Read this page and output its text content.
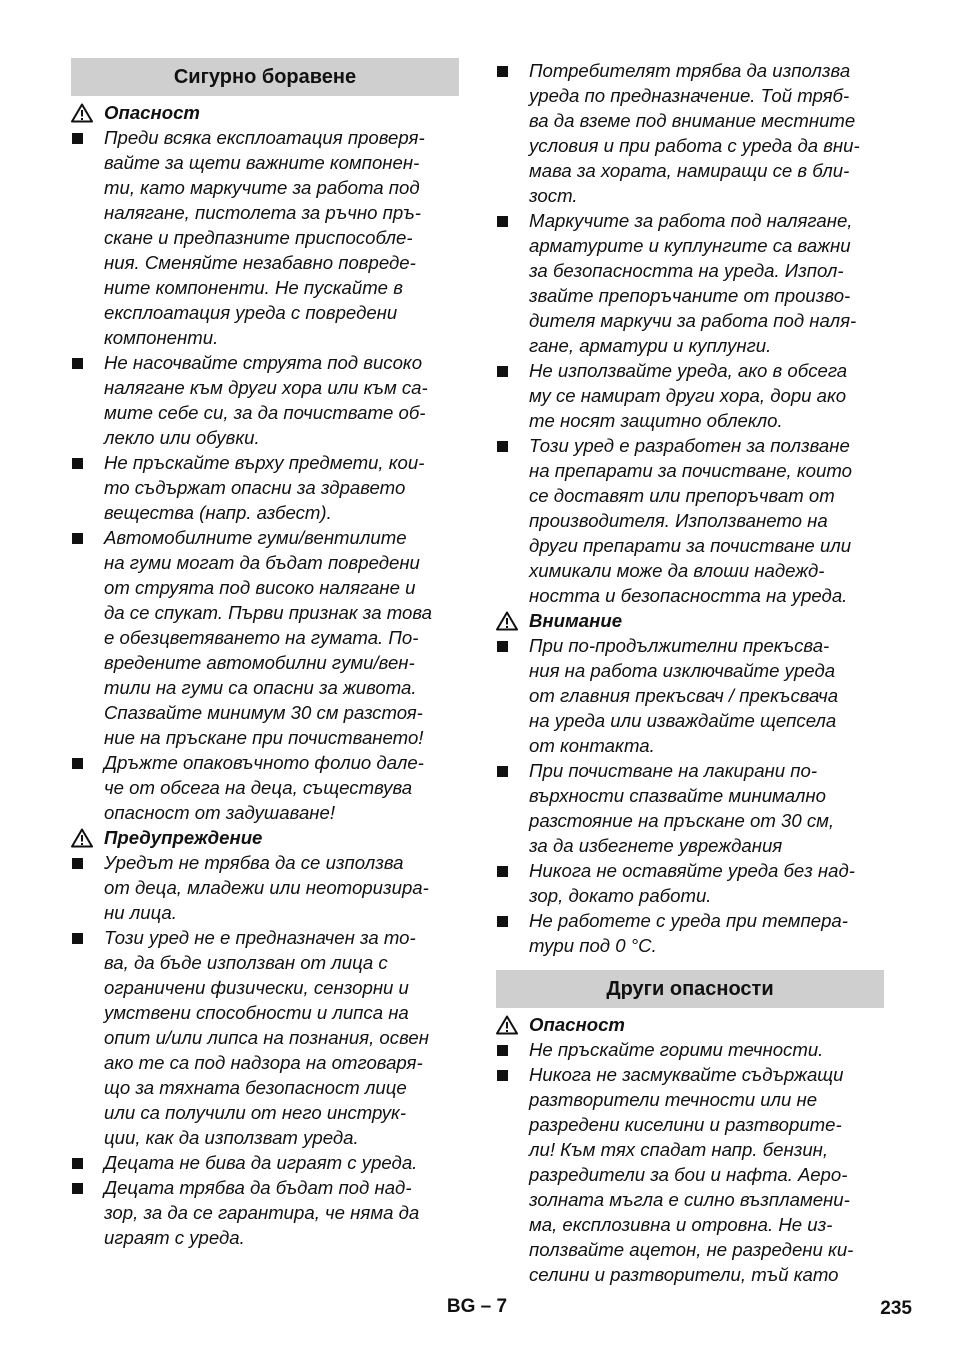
Сигурно боравене
Опасност
Преди всяка експлоатация проверя-
вайте за щети важните компонен-
ти, като маркучите за работа под
налягане, пистолета за ръчно пръ-
скане и предпазните приспособле-
ния. Сменяйте незабавно повреде-
ните компоненти. Не пускайте в
експлоатация уреда с повредени
компоненти.
Не насочвайте струята под високо
налягане към други хора или към са-
мите себе си, за да почиствате об-
лекло или обувки.
Не пръскайте върху предмети, кои-
то съдържат опасни за здравето
вещества (напр. азбест).
Автомобилните гуми/вентилите
на гуми могат да бъдат повредени
от струята под високо налягане и
да се спукат. Първи признак за това
е обезцветяването на гумата. По-
вредените автомобилни гуми/вен-
тили на гуми са опасни за живота.
Спазвайте минимум 30 см разстоя-
ние на пръскане при почистването!
Дръжте опаковъчното фолио дале-
че от обсега на деца, съществува
опасност от задушаване!
Предупреждение
Уредът не трябва да се използва
от деца, младежи или неоторизира-
ни лица.
Този уред не е предназначен за то-
ва, да бъде използван от лица с
ограничени физически, сензорни и
умствени способности и липса на
опит и/или липса на познания, освен
ако те са под надзора на отговаря-
що за тяхната безопасност лице
или са получили от него инструк-
ции, как да използват уреда.
Децата не бива да играят с уреда.
Децата трябва да бъдат под над-
зор, за да се гарантира, че няма да
играят с уреда.
Потребителят трябва да използва
уреда по предназначение. Той тряб-
ва да вземе под внимание местните
условия и при работа с уреда да вни-
мава за хората, намиращи се в бли-
зост.
Маркучите за работа под налягане,
арматурите и куплунгите са важни
за безопасността на уреда. Изпол-
звайте препоръчаните от произво-
дителя маркучи за работа под наля-
гане, арматури и куплунги.
Не използвайте уреда, ако в обсега
му се намират други хора, дори ако
те носят защитно облекло.
Този уред е разработен за ползване
на препарати за почистване, които
се доставят или препоръчват от
производителя. Използването на
други препарати за почистване или
химикали може да влоши надежд-
ността и безопасността на уреда.
Внимание
При по-продължителни прекъсва-
ния на работа изключвайте уреда
от главния прекъсвач / прекъсвача
на уреда или изваждайте щепсела
от контакта.
При почистване на лакирани по-
върхности спазвайте минимално
разстояние на пръскане от 30 см,
за да избегнете увреждания
Никога не оставяйте уреда без над-
зор, докато работи.
Не работете с уреда при темпера-
тури под 0 °C.
Други опасности
Опасност
Не пръскайте горими течности.
Никога не засмуквайте съдържащи
разтворители течности или не
разредени киселини и разтворите-
ли! Към тях спадат напр. бензин,
разредители за бои и нафта. Аеро-
золната мъгла е силно възпламени-
ма, експлозивна и отровна. Не из-
ползвайте ацетон, не разредени ки-
селини и разтворители, тъй като
BG – 7	235
